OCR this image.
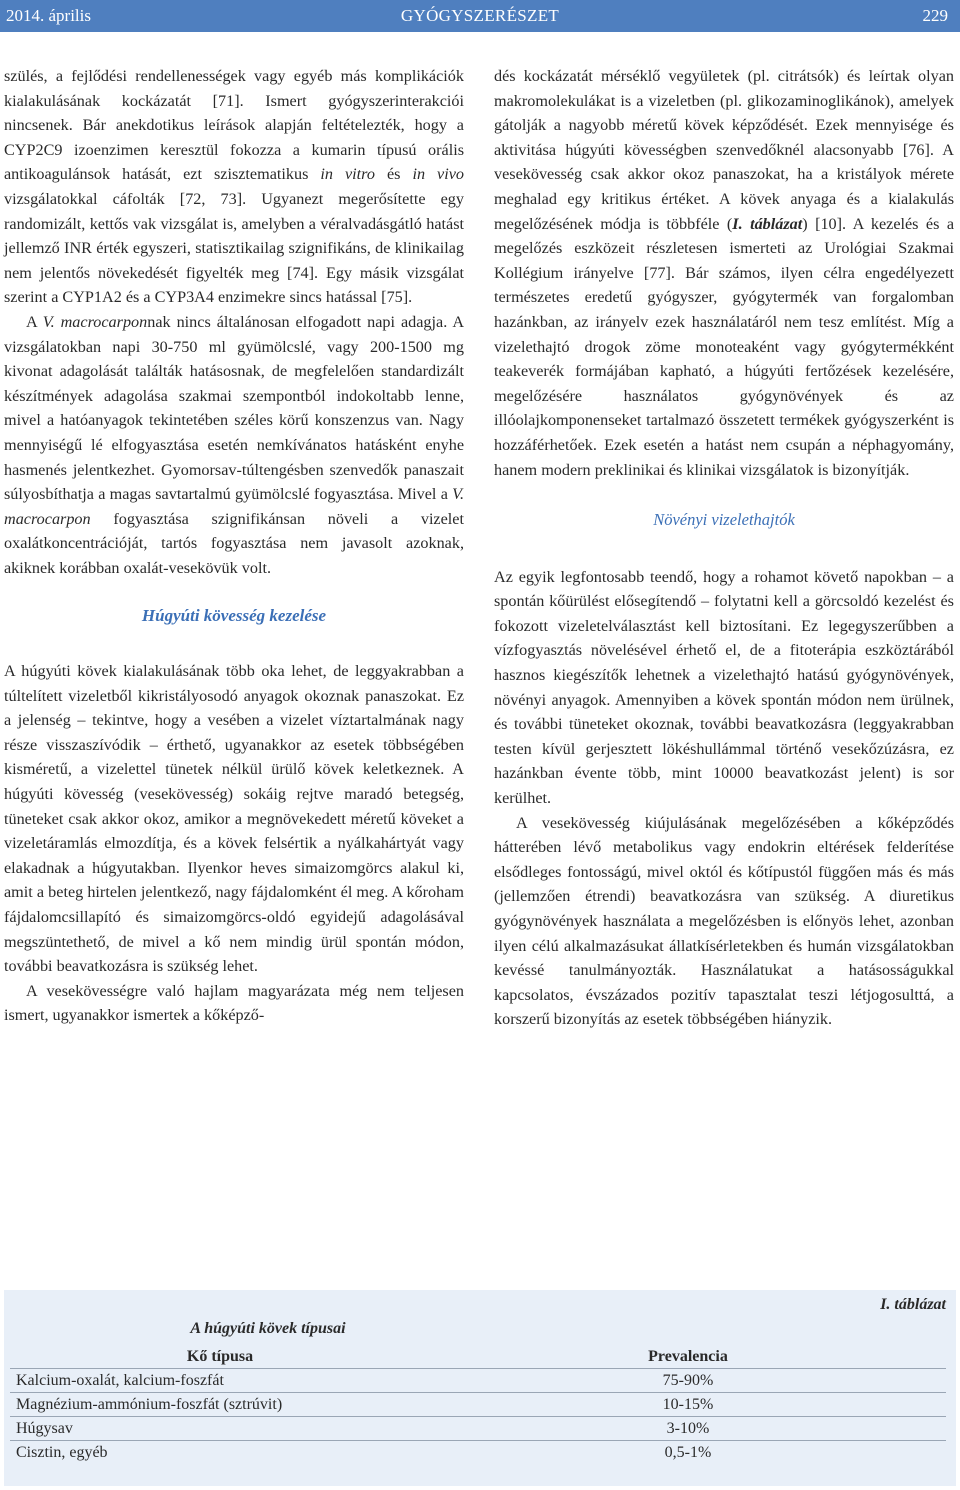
2014. április	GYÓGYSZERÉSZET	229

szülés, a fejlődési rendellenességek vagy egyéb más komplikációk kialakulásának kockázatát [71]. Ismert gyógyszerinterakciói nincsenek. Bár anekdotikus leírások alapján feltételezték, hogy a CYP2C9 izoenzimen keresztül fokozza a kumarin típusú orális antikoagulánsok hatását, ezt szisztematikus in vitro és in vivo vizsgálatokkal cáfolták [72, 73]. Ugyanezt megerősítette egy randomizált, kettős vak vizsgálat is, amelyben a véralvadásgátló hatást jellemző INR érték egyszeri, statisztikailag szignifikáns, de klinikailag nem jelentős növekedését figyelték meg [74]. Egy másik vizsgálat szerint a CYP1A2 és a CYP3A4 enzimekre sincs hatással [75].

A V. macrocarponnak nincs általánosan elfogadott napi adagja. A vizsgálatokban napi 30-750 ml gyümölcslé, vagy 200-1500 mg kivonat adagolását találták hatásosnak, de megfelelően standardizált készítmények adagolása szakmai szempontból indokoltabb lenne, mivel a hatóanyagok tekintetében széles körű konszenzus van. Nagy mennyiségű lé elfogyasztása esetén nemkívánatos hatásként enyhe hasmenés jelentkezhet. Gyomorsav-túltengésben szenvedők panaszait súlyosbíthatja a magas savtartalmú gyümölcslé fogyasztása. Mivel a V. macrocarpon fogyasztása szignifikánsan növeli a vizelet oxalátkoncentrációját, tartós fogyasztása nem javasolt azoknak, akiknek korábban oxalát-vesekövük volt.

Húgyúti kövesség kezelése

A húgyúti kövek kialakulásának több oka lehet, de leggyakrabban a túltelített vizeletből kikristályosodó anyagok okoznak panaszokat. Ez a jelenség – tekintve, hogy a vesében a vizelet víztartalmának nagy része visszaszívódik – érthető, ugyanakkor az esetek többségében kisméretű, a vizelettel tünetek nélkül ürülő kövek keletkeznek. A húgyúti kövesség (vesekövesség) sokáig rejtve maradó betegség, tüneteket csak akkor okoz, amikor a megnövekedett méretű köveket a vizeletáramlás elmozdítja, és a kövek felsértik a nyálkahártyát vagy elakadnak a húgyutakban. Ilyenkor heves simaizomgörcs alakul ki, amit a beteg hirtelen jelentkező, nagy fájdalomként él meg. A kőroham fájdalomcsillapító és simaizomgörcs-oldó egyidejű adagolásával megszüntethető, de mivel a kő nem mindig ürül spontán módon, további beavatkozásra is szükség lehet.

A vesekövességre való hajlam magyarázata még nem teljesen ismert, ugyanakkor ismertek a kőképző-

dés kockázatát mérséklő vegyületek (pl. citrátsók) és leírtak olyan makromolekulákat is a vizeletben (pl. glikozaminoglikánok), amelyek gátolják a nagyobb méretű kövek képződését. Ezek mennyisége és aktivitása húgyúti kövességben szenvedőknél alacsonyabb [76]. A vesekövesség csak akkor okoz panaszokat, ha a kristályok mérete meghalad egy kritikus értéket. A kövek anyaga és a kialakulás megelőzésének módja is többféle (I. táblázat) [10]. A kezelés és a megelőzés eszközeit részletesen ismerteti az Urológiai Szakmai Kollégium irányelve [77]. Bár számos, ilyen célra engedélyezett természetes eredetű gyógyszer, gyógytermék van forgalomban hazánkban, az irányelv ezek használatáról nem tesz említést. Míg a vizelethajtó drogok zöme monoteaként vagy gyógytermékként teakeverék formájában kapható, a húgyúti fertőzések kezelésére, megelőzésére használatos gyógynövények és az illóolajkomponenseket tartalmazó összetett termékek gyógyszerként is hozzáférhetőek. Ezek esetén a hatást nem csupán a néphagyomány, hanem modern preklinikai és klinikai vizsgálatok is bizonyítják.

Növényi vizelethajtók

Az egyik legfontosabb teendő, hogy a rohamot követő napokban – a spontán kőürülést elősegítendő – folytatni kell a görcsoldó kezelést és fokozott vizeletelválasztást kell biztosítani. Ez legegyszerűbben a vízfogyasztás növelésével érhető el, de a fitoterápia eszköztárából hasznos kiegészítők lehetnek a vizelethajtó hatású gyógynövények, növényi anyagok. Amennyiben a kövek spontán módon nem ürülnek, és további tüneteket okoznak, további beavatkozásra (leggyakrabban testen kívül gerjesztett lökéshullámmal történő vesekőzúzásra, ez hazánkban évente több, mint 10000 beavatkozást jelent) is sor kerülhet.

A vesekövesség kiújulásának megelőzésében a kőképződés hátterében lévő metabolikus vagy endokrin eltérések felderítése elsődleges fontosságú, mivel októl és kőtípustól függően más és más (jellemzően étrendi) beavatkozásra van szükség. A diuretikus gyógynövények használata a megelőzésben is előnyös lehet, azonban ilyen célú alkalmazásukat állatkísérletekben és humán vizsgálatokban kevéssé tanulmányozták. Használatukat a hatásosságukkal kapcsolatos, évszázados pozitív tapasztalat teszi létjogosulttá, a korszerű bizonyítás az esetek többségében hiányzik.

I. táblázat
A húgyúti kövek típusai
Kő típusa	Prevalencia
Kalcium-oxalát, kalcium-foszfát	75-90%
Magnézium-ammónium-foszfát (sztrúvit)	10-15%
Húgysav	3-10%
Cisztin, egyéb	0,5-1%
